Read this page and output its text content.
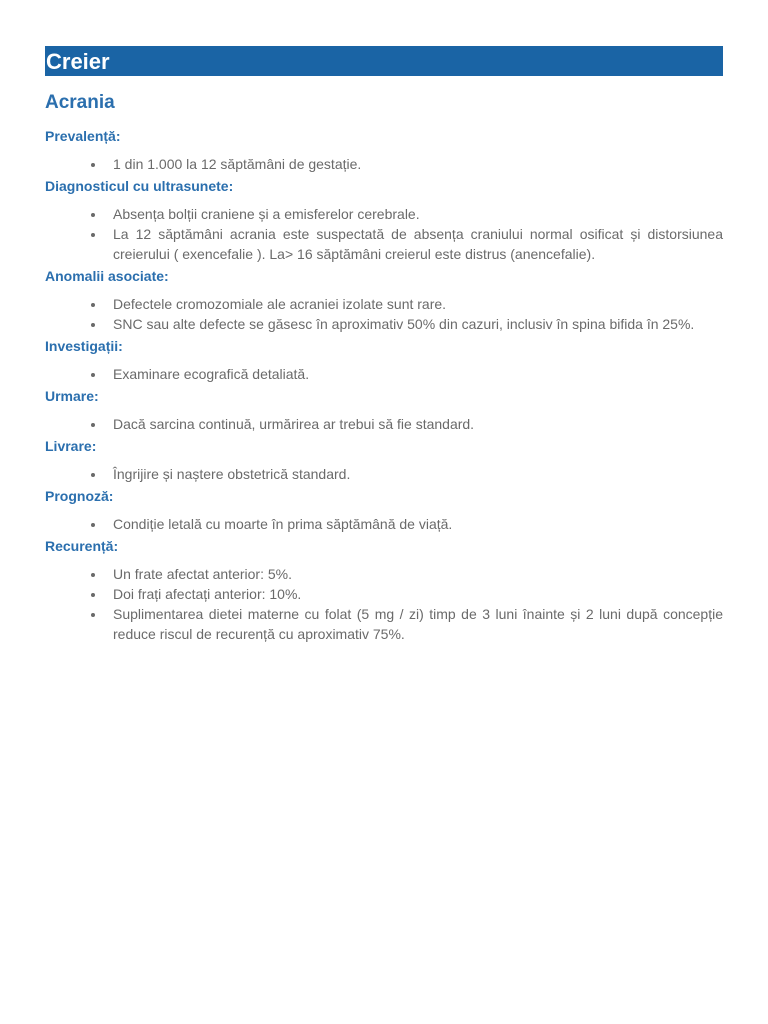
Creier
Acrania
Prevalență:
1 din 1.000 la 12 săptămâni de gestație.
Diagnosticul cu ultrasunete:
Absența bolții craniene și a emisferelor cerebrale.
La 12 săptămâni acrania este suspectată de absența craniului normal osificat și distorsiunea creierului ( exencefalie ). La> 16 săptămâni creierul este distrus (anencefalie).
Anomalii asociate:
Defectele cromozomiale ale acraniei izolate sunt rare.
SNC sau alte defecte se găsesc în aproximativ 50% din cazuri, inclusiv în spina bifida în 25%.
Investigații:
Examinare ecografică detaliată.
Urmare:
Dacă sarcina continuă, urmărirea ar trebui să fie standard.
Livrare:
Îngrijire și naștere obstetrică standard.
Prognoză:
Condiție letală cu moarte în prima săptămână de viață.
Recurență:
Un frate afectat anterior: 5%.
Doi frați afectați anterior: 10%.
Suplimentarea dietei materne cu folat (5 mg / zi) timp de 3 luni înainte și 2 luni după concepție reduce riscul de recurență cu aproximativ 75%.
